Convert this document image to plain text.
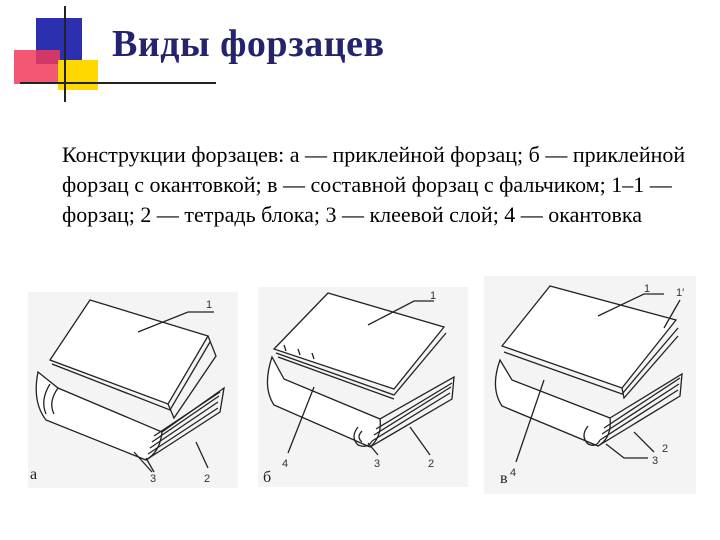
Виды форзацев

Конструкции форзацев: а — приклейной форзац; б — приклейной форзац с окантовкой; в — составной форзац с фальчиком; 1–1 — форзац; 2 — тетрадь блока; 3 — клеевой слой; 4 — окантовка

1
3	2
а
1
4	3	2
б
1 1′
4
2
3
в
